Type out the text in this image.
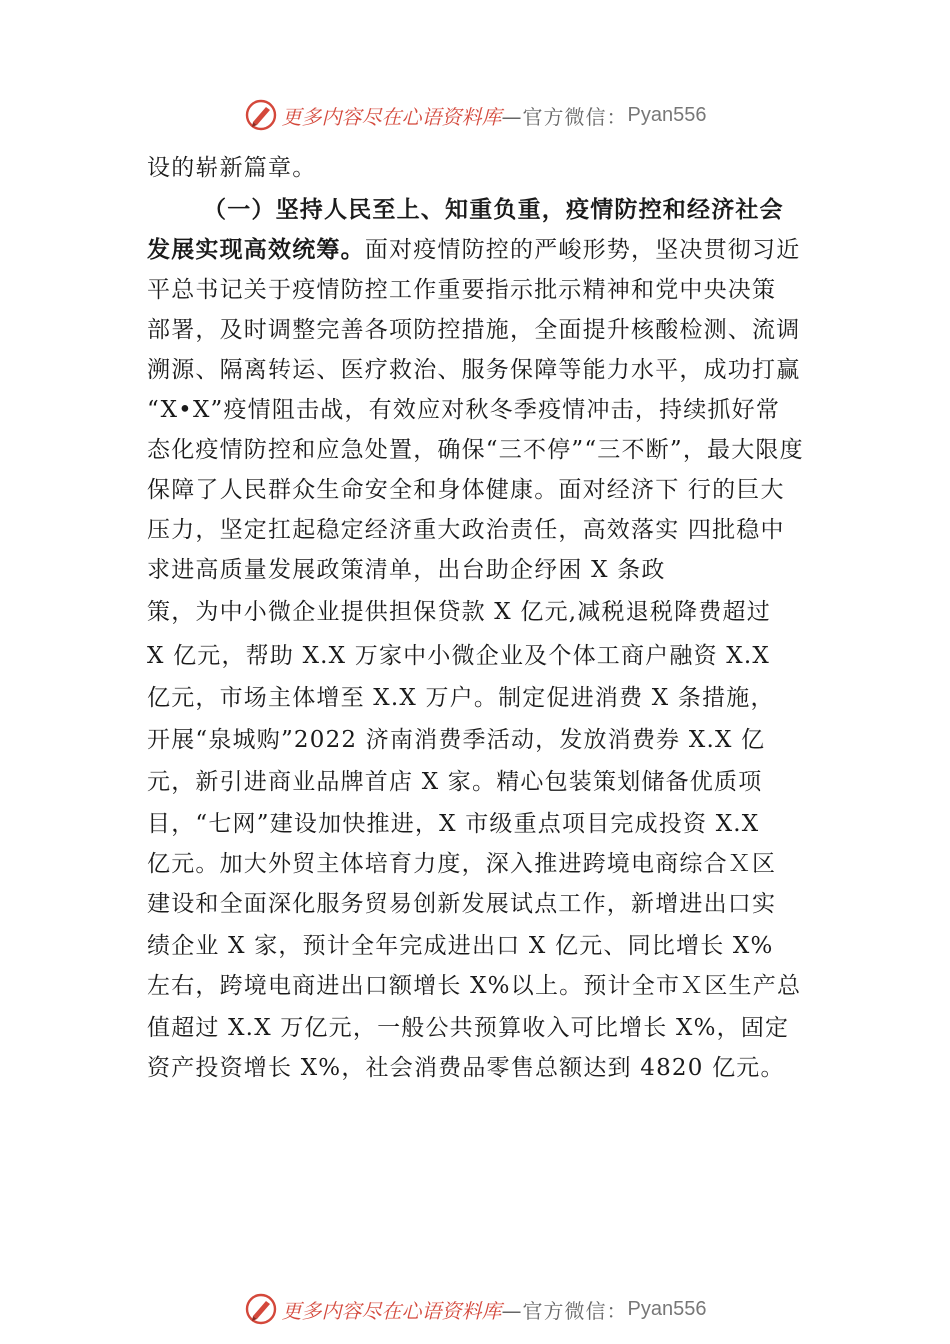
更多内容尽在心语资料库 —官方微信： Pyan556
设的崭新篇章。
（一）坚持人民至上、知重负重，疫情防控和经济社会
发展实现高效统筹。面对疫情防控的严峻形势，坚决贯彻习近
平总书记关于疫情防控工作重要指示批示精神和党中央决策
部署，及时调整完善各项防控措施，全面提升核酸检测、流调
溯源、隔离转运、医疗救治、服务保障等能力水平，成功打赢
“X•X”疫情阻击战，有效应对秋冬季疫情冲击，持续抓好常
态化疫情防控和应急处置，确保“三不停”“三不断”，最大限度
保障了人民群众生命安全和身体健康。面对经济下 行的巨大
压力，坚定扛起稳定经济重大政治责任，高效落实 四批稳中
求进高质量发展政策清单，出台助企纾困 X 条政
策，为中小微企业提供担保贷款 X 亿元,减税退税降费超过
X 亿元，帮助 X.X 万家中小微企业及个体工商户融资 X.X
亿元，市场主体增至 X.X 万户。制定促进消费 X 条措施，
开展“泉城购”2022 济南消费季活动，发放消费券 X.X 亿
元，新引进商业品牌首店 X 家。精心包装策划储备优质项
目，“七网”建设加快推进，X 市级重点项目完成投资 X.X
亿元。加大外贸主体培育力度，深入推进跨境电商综合Ｘ区
建设和全面深化服务贸易创新发展试点工作，新增进出口实
绩企业 X 家，预计全年完成进出口 X 亿元、同比增长 X%
左右，跨境电商进出口额增长 X%以上。预计全市Ｘ区生产总
值超过 X.X 万亿元，一般公共预算收入可比增长 X%，固定
资产投资增长 X%，社会消费品零售总额达到 4820 亿元。
更多内容尽在心语资料库 —官方微信： Pyan556
